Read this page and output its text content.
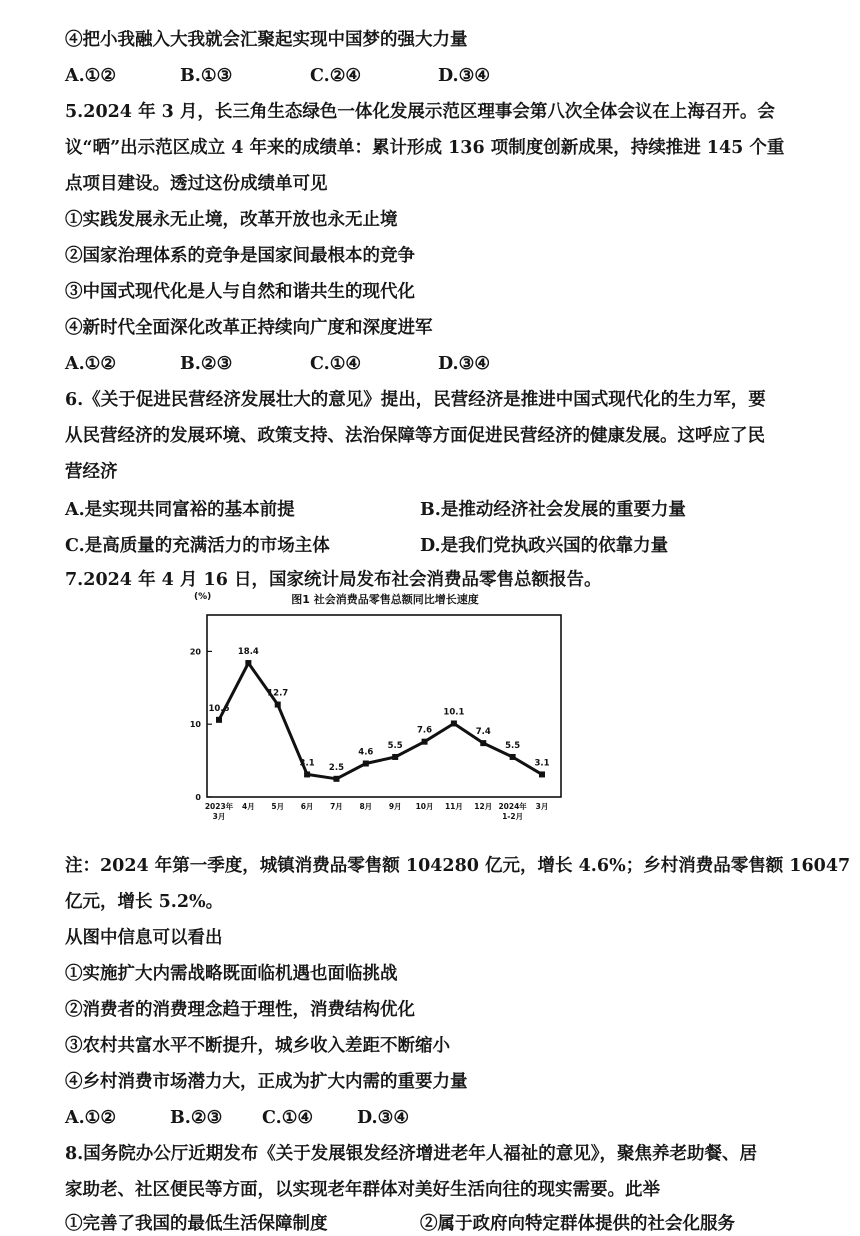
④把小我融入大我就会汇聚起实现中国梦的强大力量
A.①②	B.①③	C.②④	D.③④
5.2024 年 3 月，长三角生态绿色一体化发展示范区理事会第八次全体会议在上海召开。会
议“晒”出示范区成立 4 年来的成绩单：累计形成 136 项制度创新成果，持续推进 145 个重
点项目建设。透过这份成绩单可见
①实践发展永无止境，改革开放也永无止境
②国家治理体系的竞争是国家间最根本的竞争
③中国式现代化是人与自然和谐共生的现代化
④新时代全面深化改革正持续向广度和深度进军
A.①②	B.②③	C.①④	D.③④
6.《关于促进民营经济发展壮大的意见》提出，民营经济是推进中国式现代化的生力军，要
从民营经济的发展环境、政策支持、法治保障等方面促进民营经济的健康发展。这呼应了民
营经济
A.是实现共同富裕的基本前提	B.是推动经济社会发展的重要力量
C.是高质量的充满活力的市场主体	D.是我们党执政兴国的依靠力量
7.2024 年 4 月 16 日，国家统计局发布社会消费品零售总额报告。
图1 社会消费品零售总额同比增长速度
(%)
0
10
20
2023年
3月
4月 5月 6月 7月 8月 9月 10月 11月 12月 2024年
1-2月
3月
10.6
18.4
12.7
3.1 2.5
4.6
5.5
7.6
10.1
7.4
5.5
3.1
注：2024 年第一季度，城镇消费品零售额 104280 亿元，增长 4.6%；乡村消费品零售额 16047
亿元，增长 5.2%。
从图中信息可以看出
①实施扩大内需战略既面临机遇也面临挑战
②消费者的消费理念趋于理性，消费结构优化
③农村共富水平不断提升，城乡收入差距不断缩小
④乡村消费市场潜力大，正成为扩大内需的重要力量
A.①②	B.②③ C.①④	D.③④
8.国务院办公厅近期发布《关于发展银发经济增进老年人福祉的意见》，聚焦养老助餐、居
家助老、社区便民等方面，以实现老年群体对美好生活向往的现实需要。此举
①完善了我国的最低生活保障制度	②属于政府向特定群体提供的社会化服务
